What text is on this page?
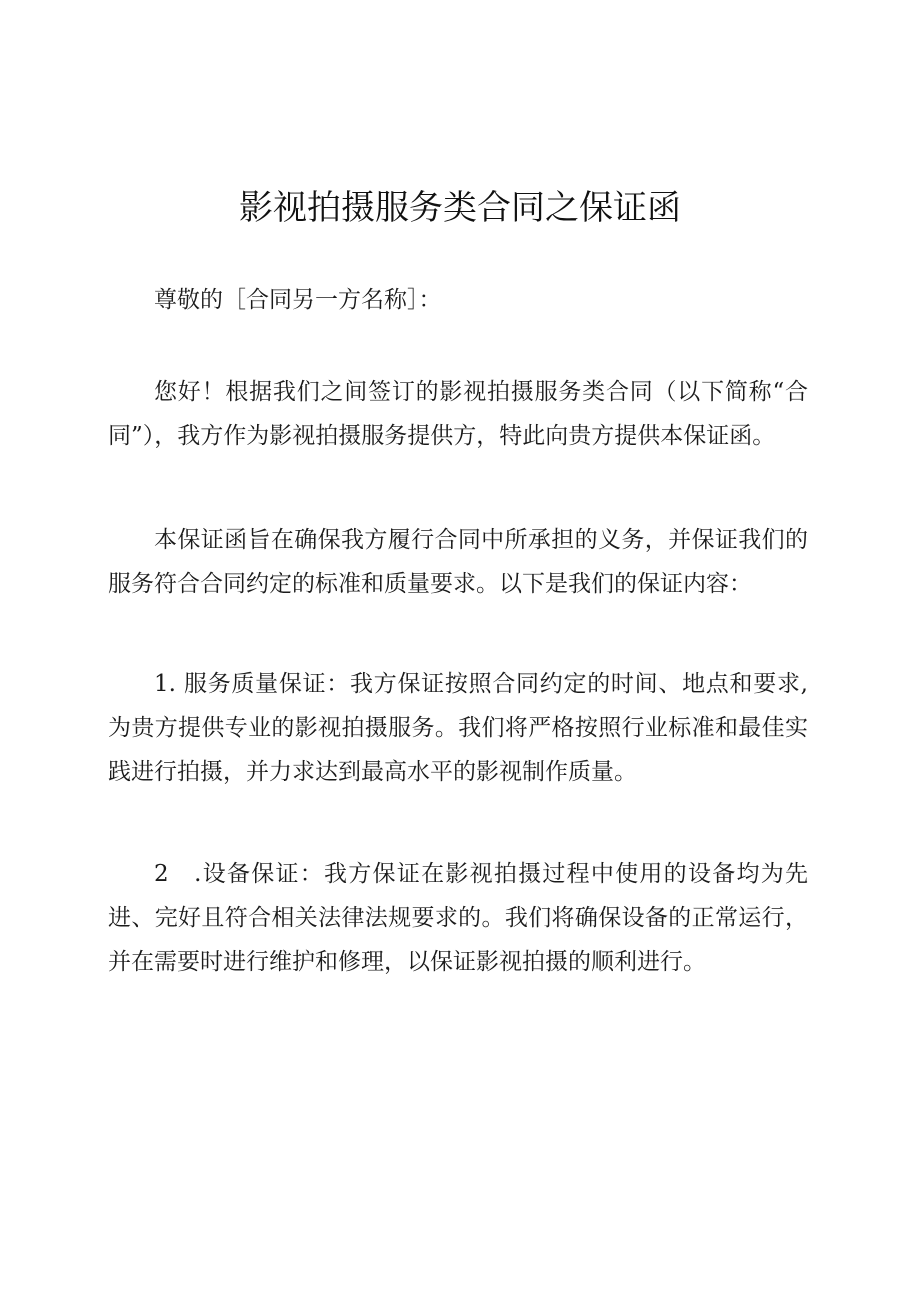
影视拍摄服务类合同之保证函

尊敬的［合同另一方名称］：

您好！根据我们之间签订的影视拍摄服务类合同（以下简称“合同”），我方作为影视拍摄服务提供方，特此向贵方提供本保证函。

本保证函旨在确保我方履行合同中所承担的义务，并保证我们的服务符合合同约定的标准和质量要求。以下是我们的保证内容：

1. 服务质量保证：我方保证按照合同约定的时间、地点和要求,为贵方提供专业的影视拍摄服务。我们将严格按照行业标准和最佳实践进行拍摄，并力求达到最高水平的影视制作质量。

2　.设备保证：我方保证在影视拍摄过程中使用的设备均为先进、完好且符合相关法律法规要求的。我们将确保设备的正常运行，并在需要时进行维护和修理，以保证影视拍摄的顺利进行。
